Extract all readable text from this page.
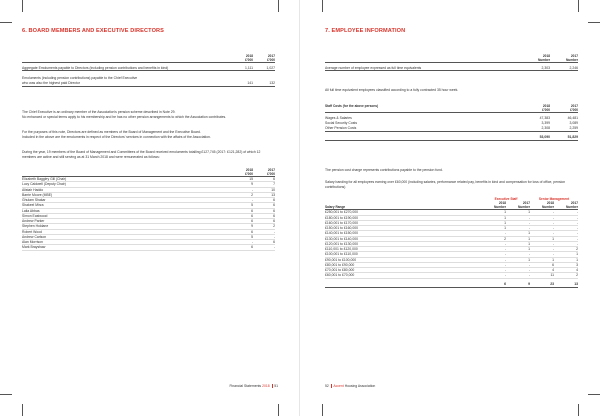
6. BOARD MEMBERS AND EXECUTIVE DIRECTORS
	2018	2017
	£'000	£'000

Aggregate Emoluments payable to Directors (including pension contributions and benefits in kind)	1,111	1,027

Emoluments (including pension contributions) payable to the Chief Executive		
who was also the highest paid Director	141	132
The Chief Executive is an ordinary member of the Association's pension scheme described in Note 29.
No enhanced or special terms apply to his membership and he has no other pension arrangements to which the Association contributes.
For the purposes of this note, Directors are defined as members of the Board of Management and the Executive Board.
Included in the above are the emoluments in respect of the Directors' services in connection with the affairs of the Association.
During the year, 19 members of the Board of Management and Committees of the Board received emoluments totalling £127,745 (2017: £121,282) of which 12 members are active and still serving as at 31 March 2018 and were remunerated as follows:
	2018	2017
	£'000	£'000
Elizabeth Baggley Gill (Chair)	15	6
Lucy Caldwell (Deputy Chair)	9	7
Alistair Haddo	-	10
Barrie Moore (MBE)	2	13
Ghulam Shakar	-	6
Shakeel Mirza	5	6
Laila Abbas	6	6
Simon Eastwood	6	6
Andrew Parker	6	6
Stephen Holdane	9	2
Robert Wood	6	-
Andrew Carlson	5	-
Alan Morrison	-	6
Mark Brayshaw	6	-
Financial Statements 2018 51
7. EMPLOYEE INFORMATION
	2018	2017
	Number	Number

Average number of employee expressed as full time equivalents	2,303	2,246
All full time equivalent employees classified according to a fully contracted 35 hour week.
Staff Costs (for the above persons)	2018	2017
	£'000	£'000

Wages & Salaries	47,383	46,481
Social Security Costs	3,399	3,089
Other Pension Costs	2,308	2,259

	53,090	51,829
The pension cost charge represents contributions payable to the pension fund.
Salary banding for all employees earning over £60,000 (including salaries, performance related pay, benefits in kind and compensation for loss of office, pension contributions)
	Executive Staff		Senior Management	
	2018	2017	2018	2017
Salary Range	Number	Number	Number	Number
£250,001 to £270,000	1	1	-	-
£180,001 to £190,000	1	-	-	-
£160,001 to £170,000	1	-	-	-
£150,001 to £160,000	1	-	-	-
£140,001 to £150,000	-	1	-	-
£130,001 to £140,000	2	1	1	-
£120,001 to £130,000	-	1	-	-
£110,001 to £120,000	-	1	-	2
£100,001 to £110,000	-	-	-	1
£90,001 to £100,000	-	1	1	1
£80,001 to £90,000	-	-	6	3
£70,001 to £80,000	-	-	4	4
£60,001 to £70,000	-	-	11	2

	6	9	23	13
52 Accent Housing Association
